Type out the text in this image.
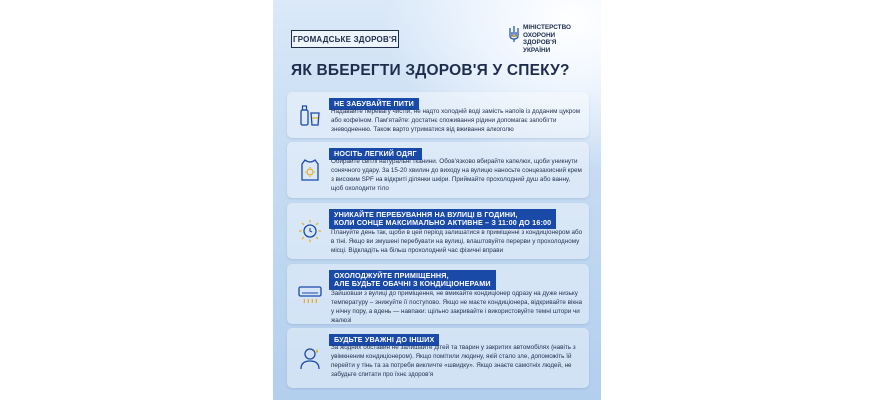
ГРОМАДСЬКЕ ЗДОРОВ'Я
МІНІСТЕРСТВО
ОХОРОНИ
ЗДОРОВ'Я
УКРАЇНИ
ЯК ВБЕРЕГТИ ЗДОРОВ'Я У СПЕКУ?
НЕ ЗАБУВАЙТЕ ПИТИ
Надавайте перевагу чистій, не надто холодній воді замість напоїв із доданим цукром або кофеїном. Пам'ятайте: достатнє споживання рідини допомагає запобігти зневодненню. Також варто утриматися від вживання алкоголю
НОСІТЬ ЛЕГКИЙ ОДЯГ
Обирайте світлі натуральні тканини. Обов'язково вбирайте капелюх, щоби уникнути сонячного удару. За 15-20 хвилин до виходу на вулицю наносьте сонцезахисний крем з високим SPF на відкриті ділянки шкіри. Приймайте прохолодний душ або ванну, щоб охолодити тіло
УНИКАЙТЕ ПЕРЕБУВАННЯ НА ВУЛИЦІ В ГОДИНИ,
КОЛИ СОНЦЕ МАКСИМАЛЬНО АКТИВНЕ – З 11:00 ДО 16:00
Плануйте день так, щоби в цей період залишатися в приміщенні з кондиціонером або в тіні. Якщо ви змушені перебувати на вулиці, влаштовуйте перерви у прохолодному місці. Відкладіть на більш прохолодний час фізичні вправи
ОХОЛОДЖУЙТЕ ПРИМІЩЕННЯ,
АЛЕ БУДЬТЕ ОБАЧНІ З КОНДИЦІОНЕРАМИ
Зайшовши з вулиці до приміщення, не вмикайте кондиціонер одразу на дуже низьку температуру – знижуйте її поступово. Якщо не маєте кондиціонера, відкривайте вікна у нічну пору, а вдень — навпаки: щільно закривайте і використовуйте темні штори чи жалюзі
БУДЬТЕ УВАЖНІ ДО ІНШИХ
За жодних обставин не залишайте дітей та тварин у закритих автомобілях (навіть з увімкненим кондиціонером). Якщо помітили людину, якій стало зле, допоможіть їй перейти у тінь та за потреби викличте «швидку». Якщо знаєте самотніх людей, не забудьте спитати про їхнє здоров'я
